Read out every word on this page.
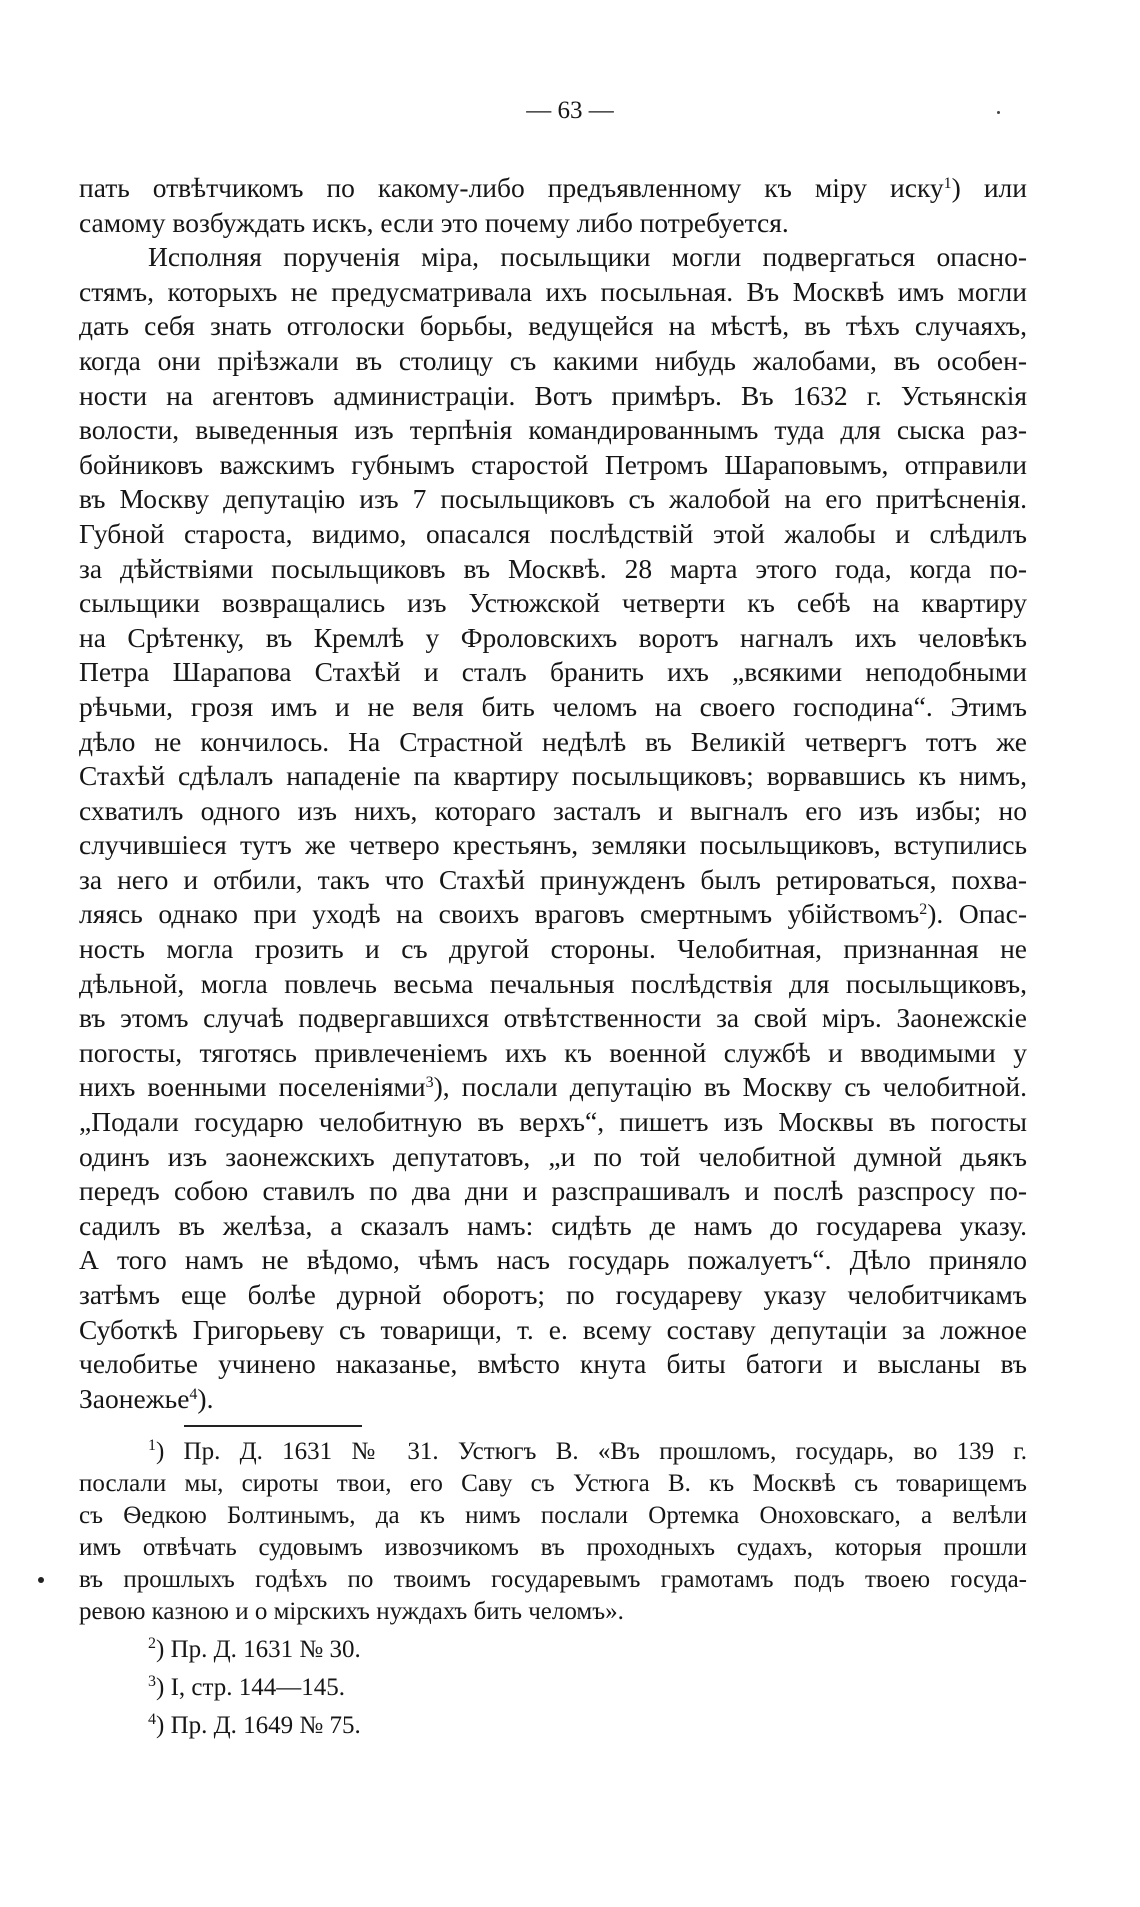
— 63 —
пать отвѣтчикомъ по какому-либо предъявленному къ міру иску$^1$) или
самому возбуждать искъ, если это почему либо потребуется.
Исполняя порученія міра, посыльщики могли подвергаться опасно-
стямъ, которыхъ не предусматривала ихъ посыльная. Въ Москвѣ имъ могли
дать себя знать отголоски борьбы, ведущейся на мѣстѣ, въ тѣхъ случаяхъ,
когда они пріѣзжали въ столицу съ какими нибудь жалобами, въ особен-
ности на агентовъ администраціи. Вотъ примѣръ. Въ 1632 г. Устьянскія
волости, выведенныя изъ терпѣнія командированнымъ туда для сыска раз-
бойниковъ важскимъ губнымъ старостой Петромъ Шараповымъ, отправили
въ Москву депутацію изъ 7 посыльщиковъ съ жалобой на его притѣсненія.
Губной староста, видимо, опасался послѣдствій этой жалобы и слѣдилъ
за дѣйствіями посыльщиковъ въ Москвѣ. 28 марта этого года, когда по-
сыльщики возвращались изъ Устюжской четверти къ себѣ на квартиру
на Срѣтенку, въ Кремлѣ у Фроловскихъ воротъ нагналъ ихъ человѣкъ
Петра Шарапова Стахѣй и сталъ бранить ихъ „всякими неподобными
рѣчьми, грозя имъ и не веля бить челомъ на своего господина“. Этимъ
дѣло не кончилось. На Страстной недѣлѣ въ Великій четвергъ тотъ же
Стахѣй сдѣлалъ нападеніе па квартиру посыльщиковъ; ворвавшись къ нимъ,
схватилъ одного изъ нихъ, котораго засталъ и выгналъ его изъ избы; но
случившіеся тутъ же четверо крестьянъ, земляки посыльщиковъ, вступились
за него и отбили, такъ что Стахѣй принужденъ былъ ретироваться, похва-
ляясь однако при уходѣ на своихъ враговъ смертнымъ убійствомъ$^2$). Опас-
ность могла грозить и съ другой стороны. Челобитная, признанная не
дѣльной, могла повлечь весьма печальныя послѣдствія для посыльщиковъ,
въ этомъ случаѣ подвергавшихся отвѣтственности за свой міръ. Заонежскіе
погосты, тяготясь привлеченіемъ ихъ къ военной службѣ и вводимыми у
нихъ военными поселеніями$^3$), послали депутацію въ Москву съ челобитной.
„Подали государю челобитную въ верхъ“, пишетъ изъ Москвы въ погосты
одинъ изъ заонежскихъ депутатовъ, „и по той челобитной думной дьякъ
передъ собою ставилъ по два дни и разспрашивалъ и послѣ разспросу по-
садилъ въ желѣза, а сказалъ намъ: сидѣть де намъ до государева указу.
А того намъ не вѣдомо, чѣмъ насъ государь пожалуетъ“. Дѣло приняло
затѣмъ еще болѣе дурной оборотъ; по государеву указу челобитчикамъ
Суботкѣ Григорьеву съ товарищи, т. е. всему составу депутаціи за ложное
челобитье учинено наказанье, вмѣсто кнута биты батоги и высланы въ
Заонежье$^4$).
$^1$) Пр. Д. 1631 № 31. Устюгъ В. «Въ прошломъ, государь, во 139 г.
послали мы, сироты твои, его Саву съ Устюга В. къ Москвѣ съ товарищемъ
съ Ѳедкою Болтинымъ, да къ нимъ послали Ортемка Оноховскаго, а велѣли
имъ отвѣчать судовымъ извозчикомъ въ проходныхъ судахъ, которыя прошли
въ прошлыхъ годѣхъ по твоимъ государевымъ грамотамъ подъ твоею госуда-
ревою казною и о мірскихъ нуждахъ бить челомъ».
$^2$) Пр. Д. 1631 № 30.
$^3$) I, стр. 144—145.
$^4$) Пр. Д. 1649 № 75.
